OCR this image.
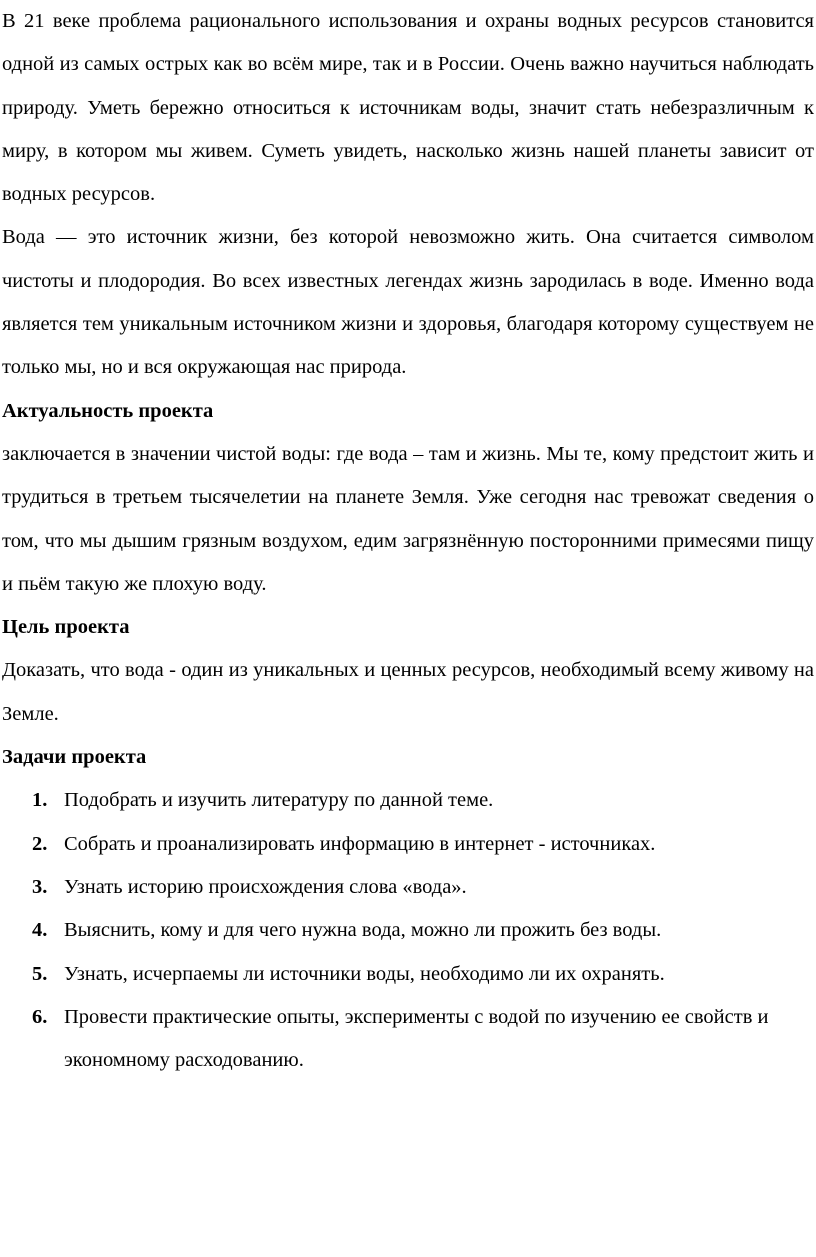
В 21 веке проблема рационального использования и охраны водных ресурсов становится одной из самых острых как во всём мире, так и в России. Очень важно научиться наблюдать природу. Уметь бережно относиться к источникам воды, значит стать небезразличным к миру, в котором мы живем. Суметь увидеть, насколько жизнь нашей планеты зависит от водных ресурсов.

Вода — это источник жизни, без которой невозможно жить. Она считается символом чистоты и плодородия. Во всех известных легендах жизнь зародилась в воде. Именно вода является тем уникальным источником жизни и здоровья, благодаря которому существуем не только мы, но и вся окружающая нас природа.

Актуальность проекта

заключается в значении чистой воды: где вода – там и жизнь. Мы те, кому предстоит жить и трудиться в третьем тысячелетии на планете Земля. Уже сегодня нас тревожат сведения о том, что мы дышим грязным воздухом, едим загрязнённую посторонними примесями пищу и пьём такую же плохую воду.

Цель проекта

Доказать, что вода - один из уникальных и ценных ресурсов, необходимый всему живому на Земле.

Задачи проекта
1. Подобрать и изучить литературу по данной теме.
2. Собрать и проанализировать информацию в интернет - источниках.
3. Узнать историю происхождения слова «вода».
4. Выяснить, кому и для чего нужна вода, можно ли прожить без воды.
5. Узнать, исчерпаемы ли источники воды, необходимо ли их охранять.
6. Провести практические опыты, эксперименты с водой по изучению ее свойств и экономному расходованию.
